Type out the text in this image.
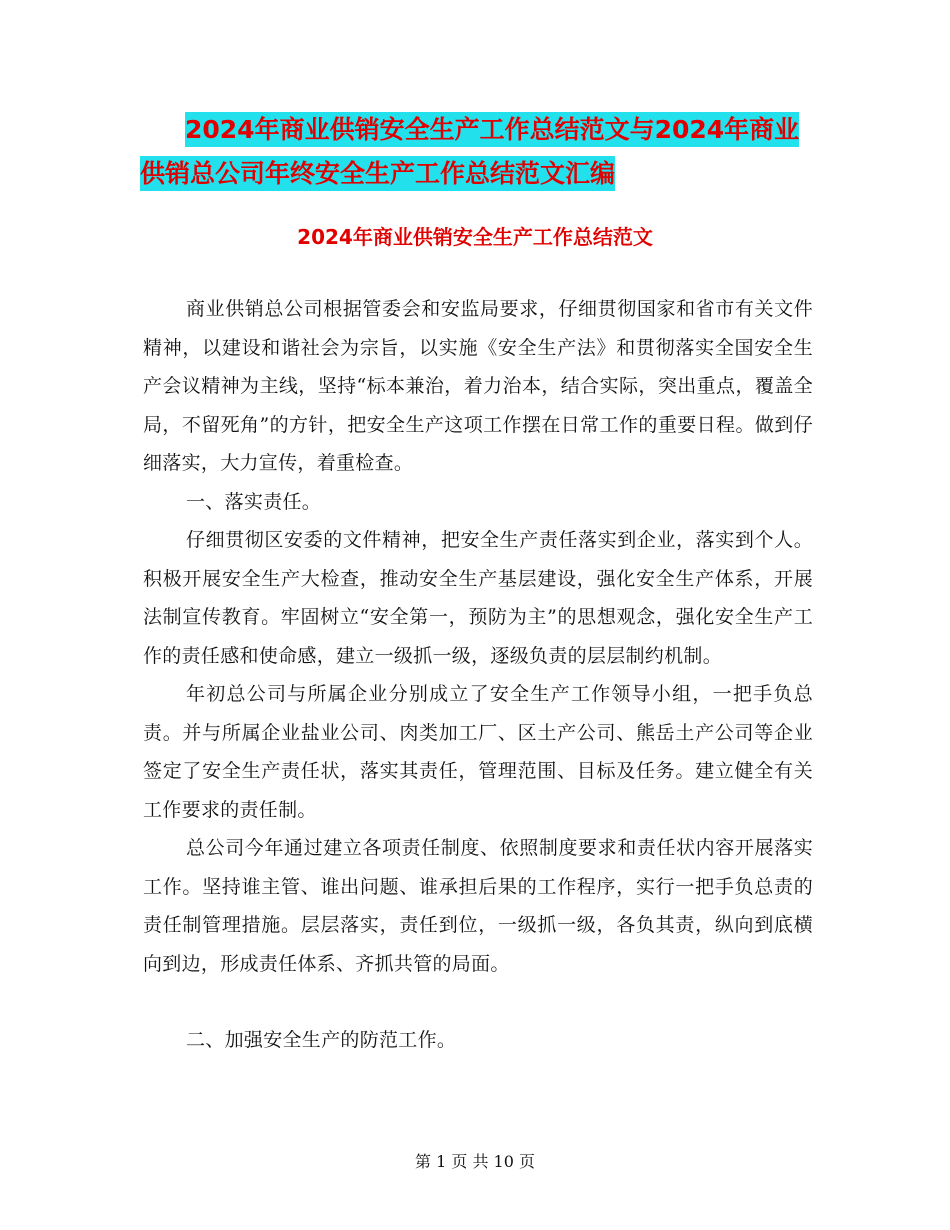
2024年商业供销安全生产工作总结范文与2024年商业
供销总公司年终安全生产工作总结范文汇编
2024年商业供销安全生产工作总结范文

商业供销总公司根据管委会和安监局要求，仔细贯彻国家和省市有关文件精神，以建设和谐社会为宗旨，以实施《安全生产法》和贯彻落实全国安全生产会议精神为主线，坚持“标本兼治，着力治本，结合实际，突出重点，覆盖全局，不留死角”的方针，把安全生产这项工作摆在日常工作的重要日程。做到仔细落实，大力宣传，着重检查。

一、落实责任。

仔细贯彻区安委的文件精神，把安全生产责任落实到企业，落实到个人。积极开展安全生产大检查，推动安全生产基层建设，强化安全生产体系，开展法制宣传教育。牢固树立“安全第一，预防为主”的思想观念，强化安全生产工作的责任感和使命感，建立一级抓一级，逐级负责的层层制约机制。

年初总公司与所属企业分别成立了安全生产工作领导小组，一把手负总责。并与所属企业盐业公司、肉类加工厂、区土产公司、熊岳土产公司等企业签定了安全生产责任状，落实其责任，管理范围、目标及任务。建立健全有关工作要求的责任制。

总公司今年通过建立各项责任制度、依照制度要求和责任状内容开展落实工作。坚持谁主管、谁出问题、谁承担后果的工作程序，实行一把手负总责的责任制管理措施。层层落实，责任到位，一级抓一级，各负其责，纵向到底横向到边，形成责任体系、齐抓共管的局面。

二、加强安全生产的防范工作。

第 1 页 共 10 页
